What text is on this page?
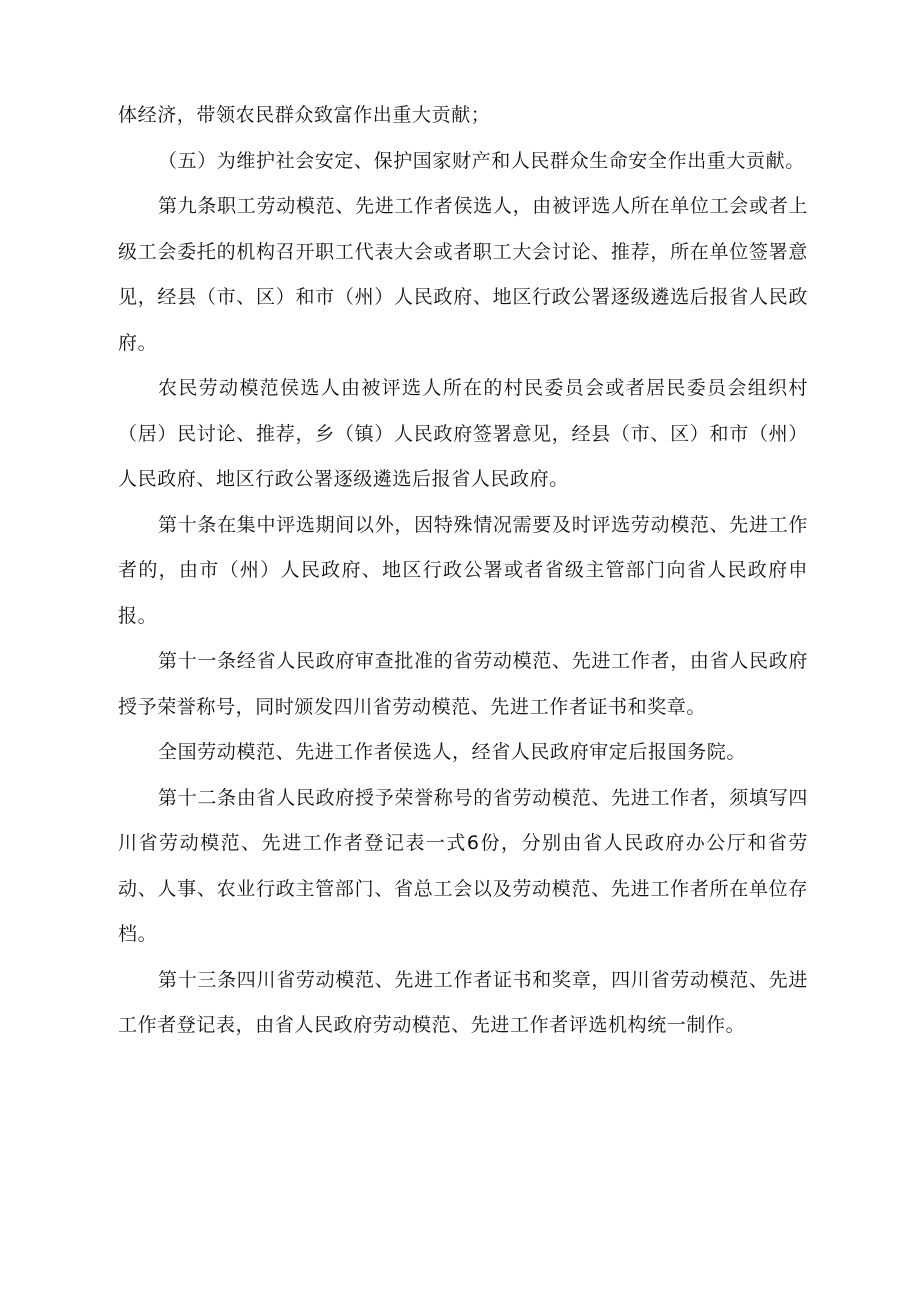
体经济，带领农民群众致富作出重大贡献；

（五）为维护社会安定、保护国家财产和人民群众生命安全作出重大贡献。

第九条职工劳动模范、先进工作者侯选人，由被评选人所在单位工会或者上级工会委托的机构召开职工代表大会或者职工大会讨论、推荐，所在单位签署意见，经县（市、区）和市（州）人民政府、地区行政公署逐级遴选后报省人民政府。

农民劳动模范侯选人由被评选人所在的村民委员会或者居民委员会组织村（居）民讨论、推荐，乡（镇）人民政府签署意见，经县（市、区）和市（州）人民政府、地区行政公署逐级遴选后报省人民政府。

第十条在集中评选期间以外，因特殊情况需要及时评选劳动模范、先进工作者的，由市（州）人民政府、地区行政公署或者省级主管部门向省人民政府申报。

第十一条经省人民政府审查批准的省劳动模范、先进工作者，由省人民政府授予荣誉称号，同时颁发四川省劳动模范、先进工作者证书和奖章。

全国劳动模范、先进工作者侯选人，经省人民政府审定后报国务院。

第十二条由省人民政府授予荣誉称号的省劳动模范、先进工作者，须填写四川省劳动模范、先进工作者登记表一式6份，分别由省人民政府办公厅和省劳动、人事、农业行政主管部门、省总工会以及劳动模范、先进工作者所在单位存档。

第十三条四川省劳动模范、先进工作者证书和奖章，四川省劳动模范、先进工作者登记表，由省人民政府劳动模范、先进工作者评选机构统一制作。
